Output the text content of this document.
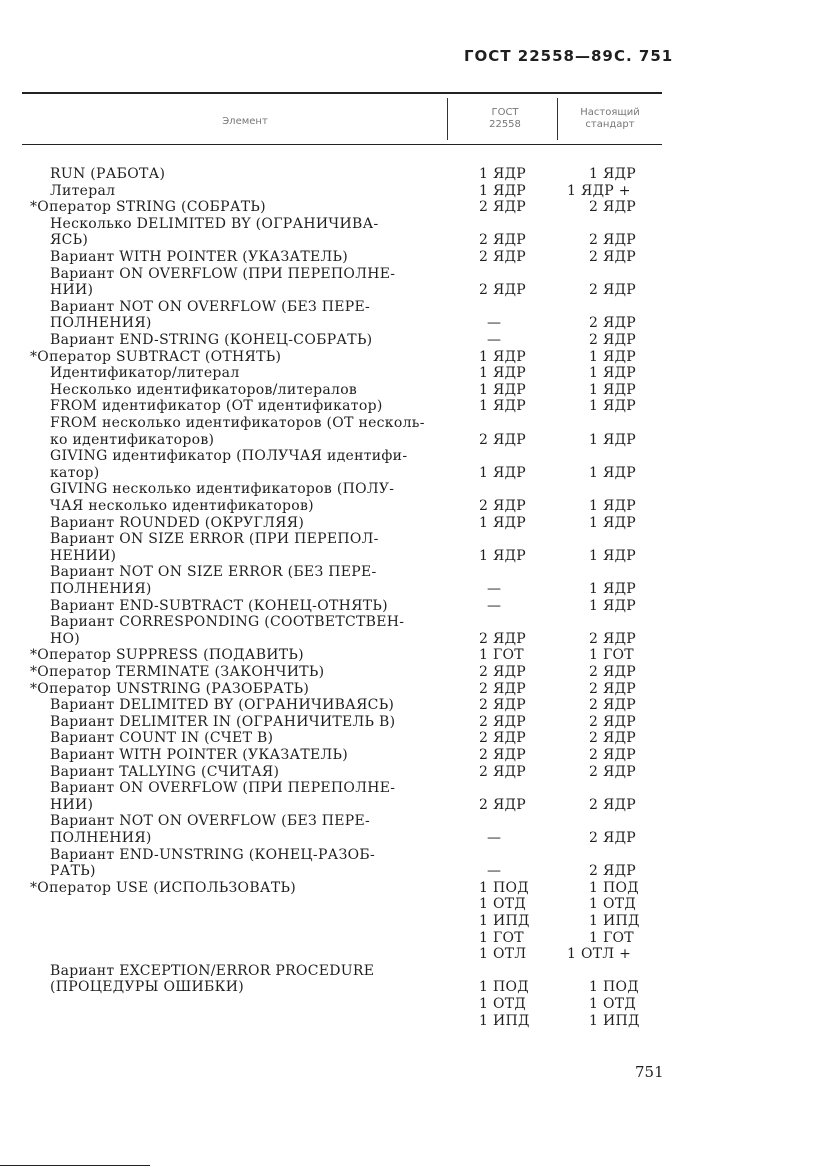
ГОСТ 22558—89 С. 751
Элемент
ГОСТ 22558
Настоящий стандарт
RUN (РАБОТА)	1 ЯДР	1 ЯДР
Литерал	1 ЯДР	1 ЯДР +
*Оператор STRING (СОБРАТЬ)	2 ЯДР	2 ЯДР
Несколько DELIMITED BY (ОГРАНИЧИВА-
ЯСЬ)	2 ЯДР	2 ЯДР
Вариант WITH POINTER (УКАЗАТЕЛЬ)	2 ЯДР	2 ЯДР
Вариант ON OVERFLOW (ПРИ ПЕРЕПОЛНЕ-
НИИ)	2 ЯДР	2 ЯДР
Вариант NOT ON OVERFLOW (БЕЗ ПЕРЕ-
ПОЛНЕНИЯ)	—	2 ЯДР
Вариант END-STRING (КОНЕЦ-СОБРАТЬ)	—	2 ЯДР
*Оператор SUBTRACT (ОТНЯТЬ)	1 ЯДР	1 ЯДР
Идентификатор/литерал	1 ЯДР	1 ЯДР
Несколько идентификаторов/литералов	1 ЯДР	1 ЯДР
FROM идентификатор (ОТ идентификатор)	1 ЯДР	1 ЯДР
FROM несколько идентификаторов (ОТ несколь-
ко идентификаторов)	2 ЯДР	1 ЯДР
GIVING идентификатор (ПОЛУЧАЯ идентифи-
катор)	1 ЯДР	1 ЯДР
GIVING несколько идентификаторов (ПОЛУ-
ЧАЯ несколько идентификаторов)	2 ЯДР	1 ЯДР
Вариант ROUNDED (ОКРУГЛЯЯ)	1 ЯДР	1 ЯДР
Вариант ON SIZE ERROR (ПРИ ПЕРЕПОЛ-
НЕНИИ)	1 ЯДР	1 ЯДР
Вариант NOT ON SIZE ERROR (БЕЗ ПЕРЕ-
ПОЛНЕНИЯ)	—	1 ЯДР
Вариант END-SUBTRACT (КОНЕЦ-ОТНЯТЬ)	—	1 ЯДР
Вариант CORRESPONDING (СООТВЕТСТВЕН-
НО)	2 ЯДР	2 ЯДР
*Оператор SUPPRESS (ПОДАВИТЬ)	1 ГОТ	1 ГОТ
*Оператор TERMINATE (ЗАКОНЧИТЬ)	2 ЯДР	2 ЯДР
*Оператор UNSTRING (РАЗОБРАТЬ)	2 ЯДР	2 ЯДР
Вариант DELIMITED BY (ОГРАНИЧИВАЯСЬ)	2 ЯДР	2 ЯДР
Вариант DELIMITER IN (ОГРАНИЧИТЕЛЬ В)	2 ЯДР	2 ЯДР
Вариант COUNT IN (СЧЕТ В)	2 ЯДР	2 ЯДР
Вариант WITH POINTER (УКАЗАТЕЛЬ)	2 ЯДР	2 ЯДР
Вариант TALLYING (СЧИТАЯ)	2 ЯДР	2 ЯДР
Вариант ON OVERFLOW (ПРИ ПЕРЕПОЛНЕ-
НИИ)	2 ЯДР	2 ЯДР
Вариант NOT ON OVERFLOW (БЕЗ ПЕРЕ-
ПОЛНЕНИЯ)	—	2 ЯДР
Вариант END-UNSTRING (КОНЕЦ-РАЗОБ-
РАТЬ)	—	2 ЯДР
*Оператор USE (ИСПОЛЬЗОВАТЬ)	1 ПОД	1 ПОД
1 ОТД	1 ОТД
1 ИПД	1 ИПД
1 ГОТ	1 ГОТ
1 ОТЛ	1 ОТЛ +
Вариант EXCEPTION/ERROR PROCEDURE
(ПРОЦЕДУРЫ ОШИБКИ)	1 ПОД	1 ПОД
1 ОТД	1 ОТД
1 ИПД	1 ИПД
751
